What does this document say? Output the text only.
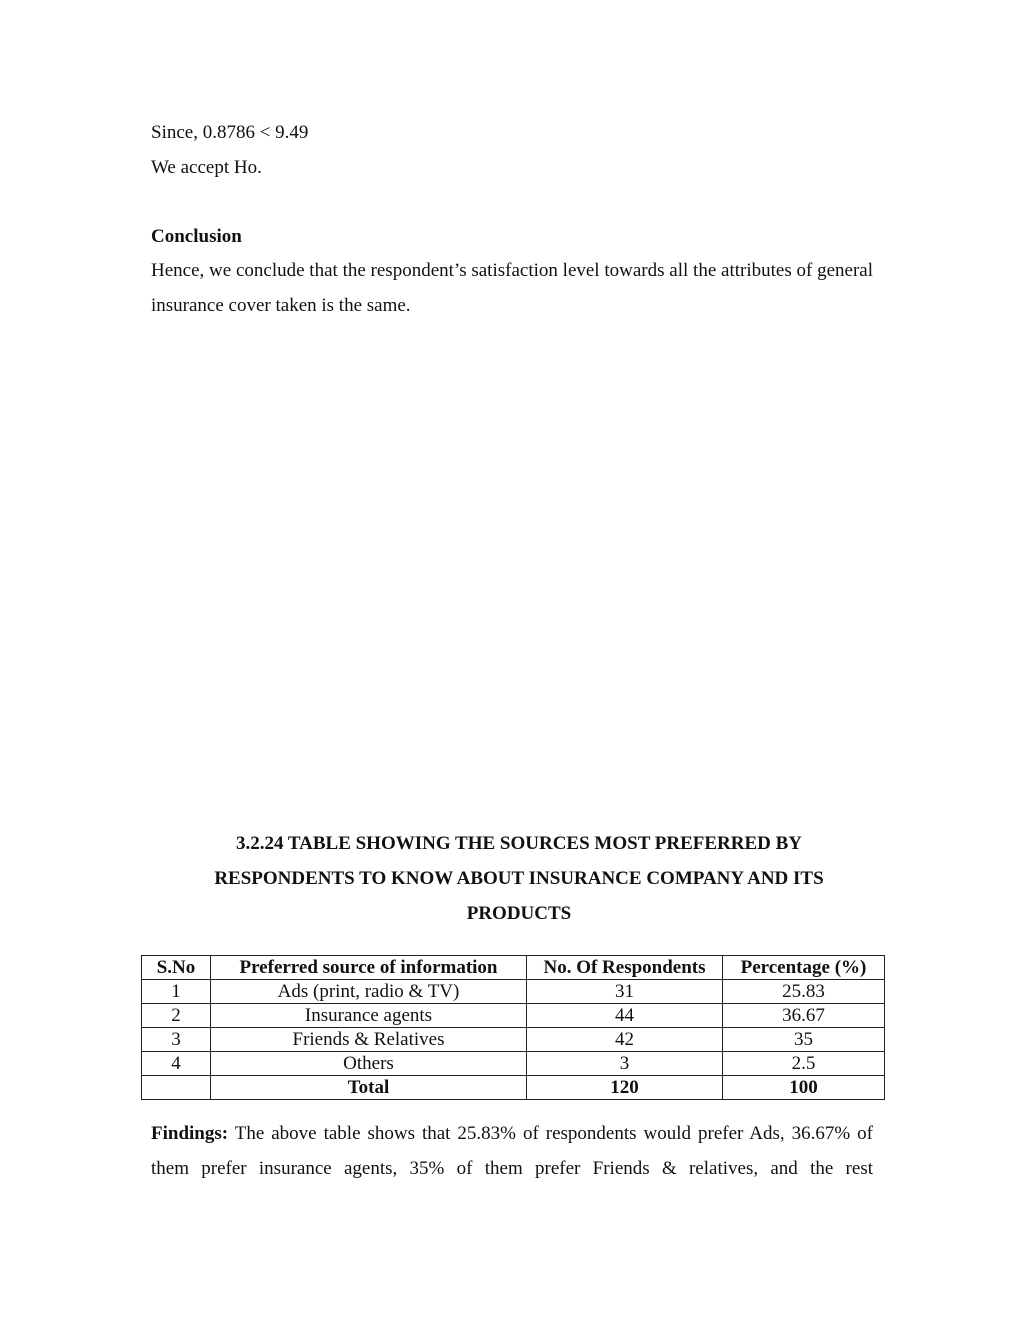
Since, 0.8786 < 9.49
We accept Ho.
Conclusion
Hence, we conclude that the respondent’s satisfaction level towards all the attributes of general insurance cover taken is the same.
3.2.24 TABLE SHOWING THE SOURCES MOST PREFERRED BY
RESPONDENTS TO KNOW ABOUT INSURANCE COMPANY AND ITS
PRODUCTS
S.No	Preferred source of information	No. Of Respondents	Percentage (%)
1	Ads (print, radio & TV)	31	25.83
2	Insurance agents	44	36.67
3	Friends & Relatives	42	35
4	Others	3	2.5
	Total	120	100
Findings: The above table shows that 25.83% of respondents would prefer Ads, 36.67% of them prefer insurance agents, 35% of them prefer Friends & relatives, and the rest
